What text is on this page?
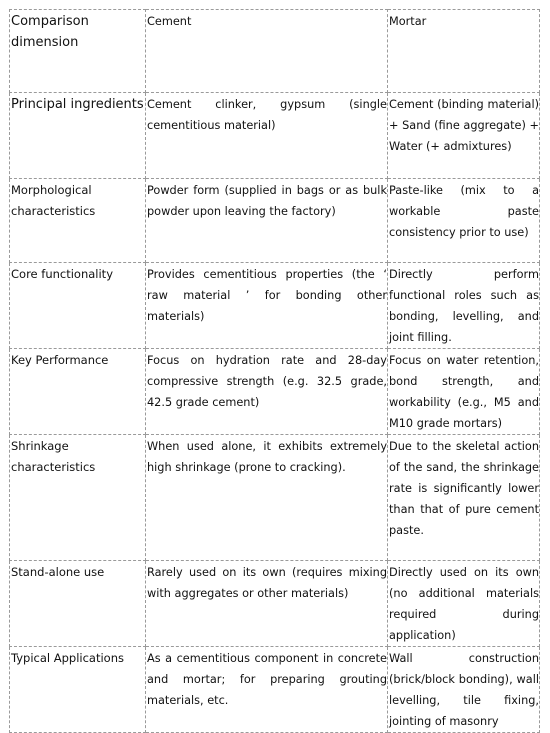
Comparison dimension	Cement	Mortar
Principal ingredients	Cement clinker, gypsum (single cementitious material)	Cement (binding material) + Sand (fine aggregate) + Water (+ admixtures)
Morphological characteristics	Powder form (supplied in bags or as bulk powder upon leaving the factory)	Paste-like (mix to a workable paste consistency prior to use)
Core functionality	Provides cementitious properties (the ‘ raw material ’ for bonding other materials)	Directly perform functional roles such as bonding, levelling, and joint filling.
Key Performance	Focus on hydration rate and 28-day compressive strength (e.g. 32.5 grade, 42.5 grade cement)	Focus on water retention, bond strength, and workability (e.g., M5 and M10 grade mortars)
Shrinkage characteristics	When used alone, it exhibits extremely high shrinkage (prone to cracking).	Due to the skeletal action of the sand, the shrinkage rate is significantly lower than that of pure cement paste.
Stand-alone use	Rarely used on its own (requires mixing with aggregates or other materials)	Directly used on its own (no additional materials required during application)
Typical Applications	As a cementitious component in concrete and mortar; for preparing grouting materials, etc.	Wall construction (brick/block bonding), wall levelling, tile fixing, jointing of masonry
